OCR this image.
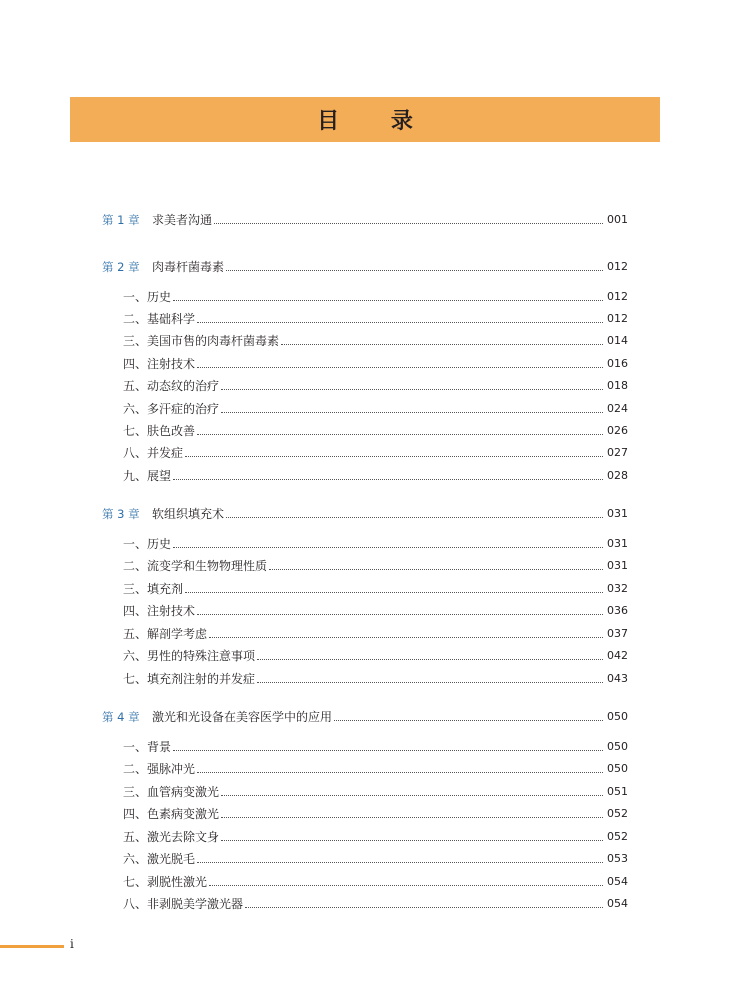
目 录
第 1 章	求美者沟通	001
第 2 章	肉毒杆菌毒素	012
一、历史	012
二、基础科学	012
三、美国市售的肉毒杆菌毒素	014
四、注射技术	016
五、动态纹的治疗	018
六、多汗症的治疗	024
七、肤色改善	026
八、并发症	027
九、展望	028
第 3 章	软组织填充术	031
一、历史	031
二、流变学和生物物理性质	031
三、填充剂	032
四、注射技术	036
五、解剖学考虑	037
六、男性的特殊注意事项	042
七、填充剂注射的并发症	043
第 4 章	激光和光设备在美容医学中的应用	050
一、背景	050
二、强脉冲光	050
三、血管病变激光	051
四、色素病变激光	052
五、激光去除文身	052
六、激光脱毛	053
七、剥脱性激光	054
八、非剥脱美学激光器	054
i
